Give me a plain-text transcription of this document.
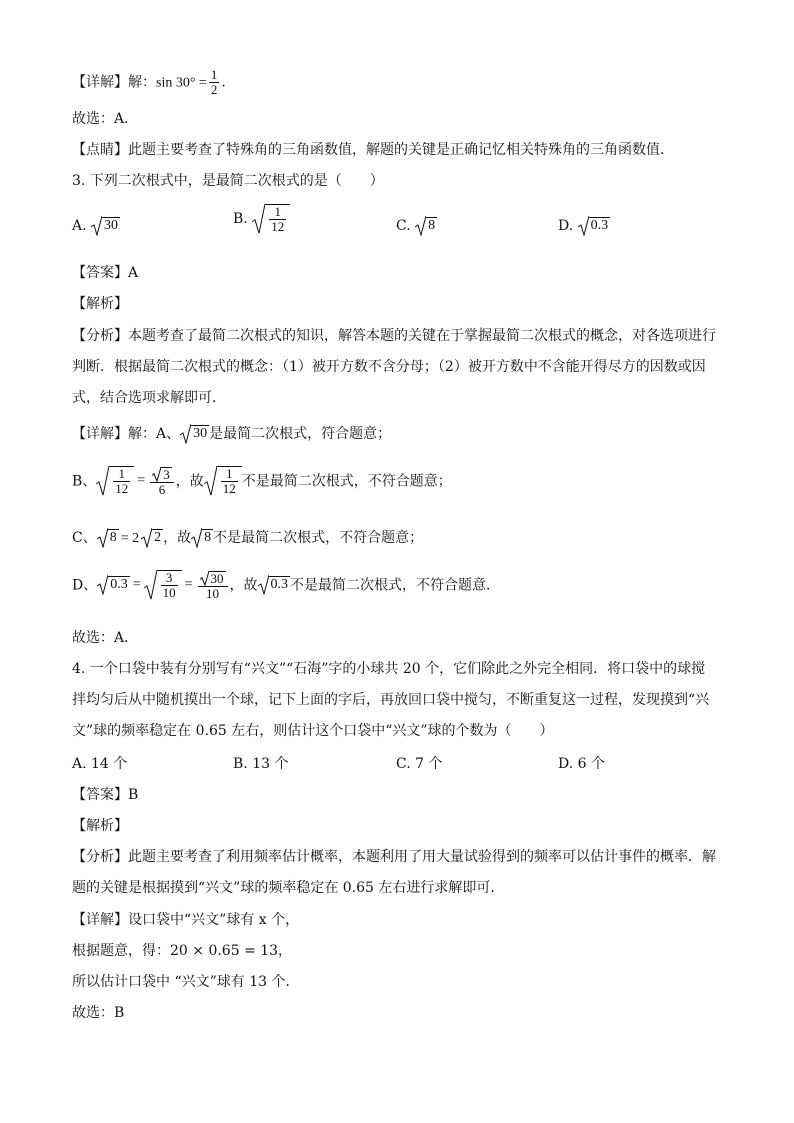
【详解】解：$\sin 30^\circ = \frac{1}{2}$ ．
故选：A．
【点睛】此题主要考查了特殊角的三角函数值，解题的关键是正确记忆相关特殊角的三角函数值．
3. 下列二次根式中，是最简二次根式的是（　　）
A. 30	B. $\frac{1}{12}$	C. 8	D. 0.3
【答案】A
【解析】
【分析】本题考查了最简二次根式的知识，解答本题的关键在于掌握最简二次根式的概念，对各选项进行
判断．根据最简二次根式的概念：（1）被开方数不含分母；（2）被开方数中不含能开得尽方的因数或因
式，结合选项求解即可．
【详解】解：A、 30 是最简二次根式，符合题意；
B、 $\frac{1}{12} = \frac{3}{6}$ ，故 $\frac{1}{12}$ 不是最简二次根式，不符合题意；
C、 8 = 2 2 ，故 8 不是最简二次根式，不符合题意；
D、 $0.3 = \frac{3}{10} = \frac{30}{10}$ ，故 0.3 不是最简二次根式，不符合题意．
故选：A．
4. 一个口袋中装有分别写有“兴文”“石海”字的小球共 20 个，它们除此之外完全相同．将口袋中的球搅
拌均匀后从中随机摸出一个球，记下上面的字后，再放回口袋中搅匀，不断重复这一过程，发现摸到“兴
文”球的频率稳定在 0.65 左右，则估计这个口袋中“兴文”球的个数为（　　）
A. 14 个	B. 13 个	C. 7 个	D. 6 个
【答案】B
【解析】
【分析】此题主要考查了利用频率估计概率，本题利用了用大量试验得到的频率可以估计事件的概率．解
题的关键是根据摸到“兴文”球的频率稳定在 0.65 左右进行求解即可．
【详解】设口袋中“兴文”球有 x 个，
根据题意，得：20 × 0.65 = 13，
所以估计口袋中 “兴文”球有 13 个．
故选：B
